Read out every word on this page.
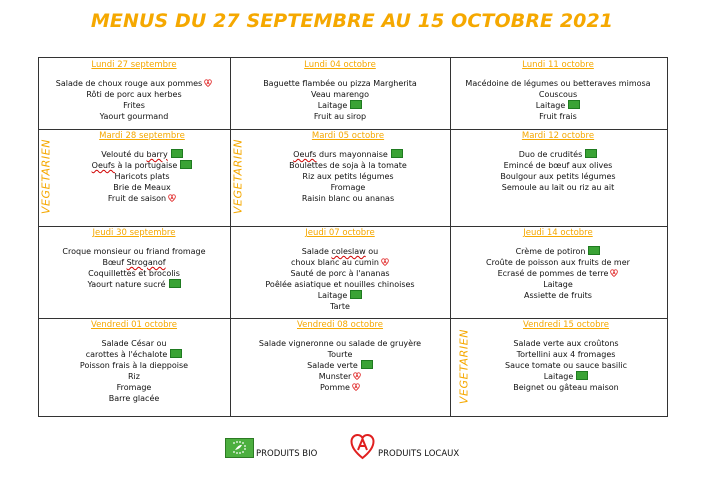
MENUS DU 27 SEPTEMBRE AU 15 OCTOBRE 2021
Lundi 27 septembre
Salade de choux rouge aux pommes
Rôti de porc aux herbes
Frites
Yaourt gourmand
Lundi 04 octobre
Baguette flambée ou pizza Margherita
Veau marengo
Laitage
Fruit au sirop
Lundi 11 octobre
Macédoine de légumes ou betteraves mimosa
Couscous
Laitage
Fruit frais
Mardi 28 septembre
Velouté du barry
Oeufs à la portugaise
Haricots plats
Brie de Meaux
Fruit de saison
Mardi 05 octobre
Oeufs durs mayonnaise
Boulettes de soja à la tomate
Riz aux petits légumes
Fromage
Raisin blanc ou ananas
Mardi 12 octobre
Duo de crudités
Emincé de bœuf aux olives
Boulgour aux petits légumes
Semoule au lait ou riz au ait
Jeudi 30 septembre
Croque monsieur ou friand fromage
Bœuf Stroganof
Coquillettes et brocolis
Yaourt nature sucré
Jeudi 07 octobre
Salade coleslaw ou
choux blanc au cumin
Sauté de porc à l'ananas
Poêlée asiatique et nouilles chinoises
Laitage
Tarte
Jeudi 14 octobre
Crème de potiron
Croûte de poisson aux fruits de mer
Ecrasé de pommes de terre
Laitage
Assiette de fruits
Vendredi 01 octobre
Salade César ou
carottes à l'échalote
Poisson frais à la dieppoise
Riz
Fromage
Barre glacée
Vendredi 08 octobre
Salade vigneronne ou salade de gruyère
Tourte
Salade verte
Munster
Pomme
Vendredi 15 octobre
Salade verte aux croûtons
Tortellini aux 4 fromages
Sauce tomate ou sauce basilic
Laitage
Beignet ou gâteau maison
VEGETARIEN	VEGETARIEN
VEGETARIEN
PRODUITS BIO	PRODUITS LOCAUX
